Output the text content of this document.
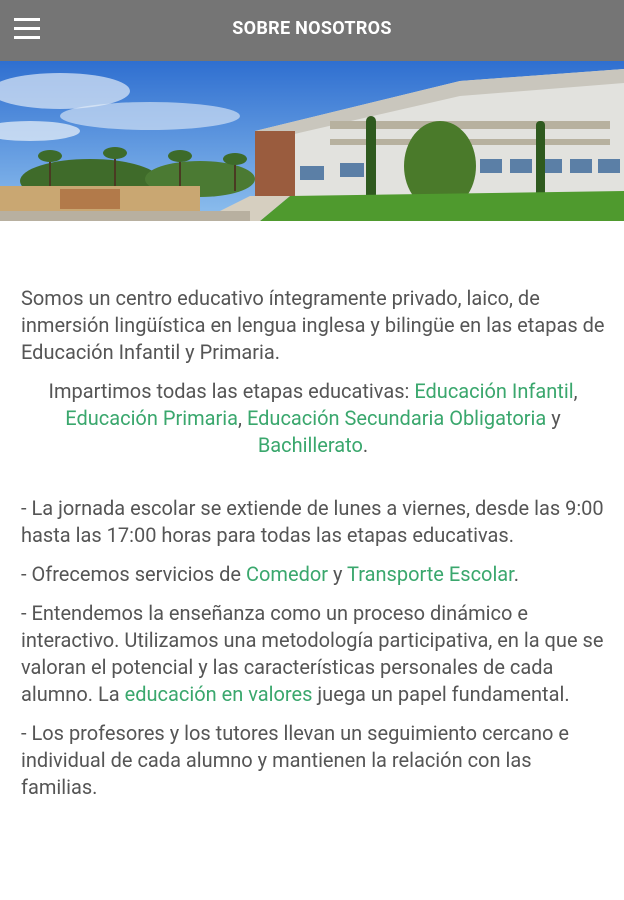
SOBRE NOSOTROS

Somos un centro educativo íntegramente privado, laico, de inmersión lingüística en lengua inglesa y bilingüe en las etapas de Educación Infantil y Primaria.

Impartimos todas las etapas educativas: Educación Infantil, Educación Primaria, Educación Secundaria Obligatoria y Bachillerato.

- La jornada escolar se extiende de lunes a viernes, desde las 9:00 hasta las 17:00 horas para todas las etapas educativas.

- Ofrecemos servicios de Comedor y Transporte Escolar.

- Entendemos la enseñanza como un proceso dinámico e interactivo. Utilizamos una metodología participativa, en la que se valoran el potencial y las características personales de cada alumno. La educación en valores juega un papel fundamental.

- Los profesores y los tutores llevan un seguimiento cercano e individual de cada alumno y mantienen la relación con las familias.
